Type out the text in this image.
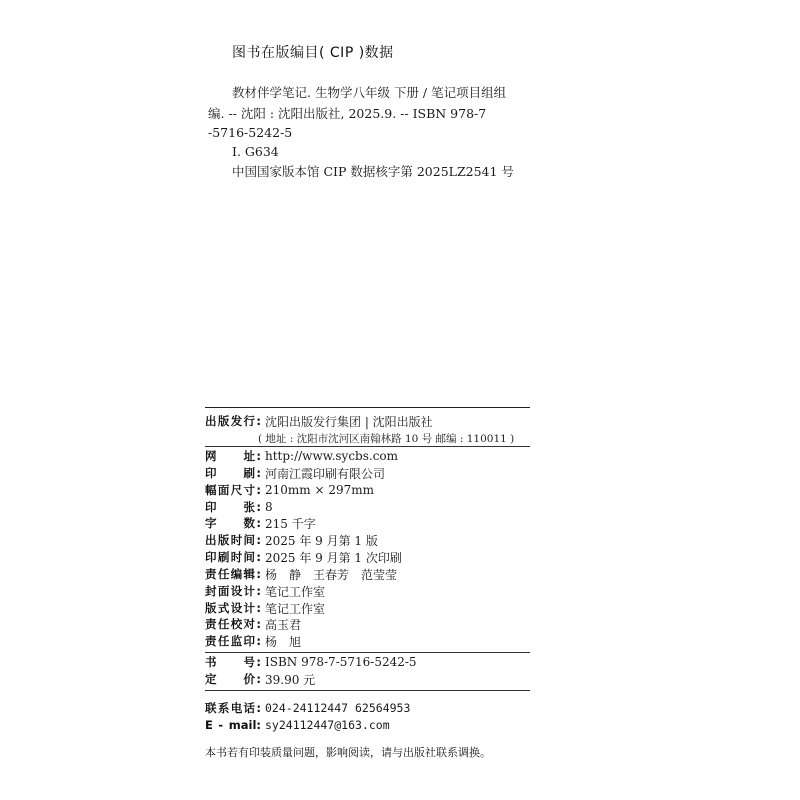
图书在版编目( CIP )数据
教材伴学笔记. 生物学八年级 下册 / 笔记项目组组
编. -- 沈阳 : 沈阳出版社, 2025.9. -- ISBN 978-7
-5716-5242-5
Ⅰ. G634
中国国家版本馆 CIP 数据核字第 2025LZ2541 号
出版发行: 沈阳出版发行集团 | 沈阳出版社
( 地址 : 沈阳市沈河区南翰林路 10 号 邮编 : 110011 )
网　　址: http://www.sycbs.com
印　　刷: 河南江霞印刷有限公司
幅面尺寸: 210mm × 297mm
印　　张: 8
字　　数: 215 千字
出版时间: 2025 年 9 月第 1 版
印刷时间: 2025 年 9 月第 1 次印刷
责任编辑: 杨　静　王春芳　范莹莹
封面设计: 笔记工作室
版式设计: 笔记工作室
责任校对: 高玉君
责任监印: 杨　旭
书　　号: ISBN 978-7-5716-5242-5
定　　价: 39.90 元
联系电话: 024-24112447 62564953
E - mail: sy24112447@163.com
本书若有印装质量问题，影响阅读，请与出版社联系调换。
